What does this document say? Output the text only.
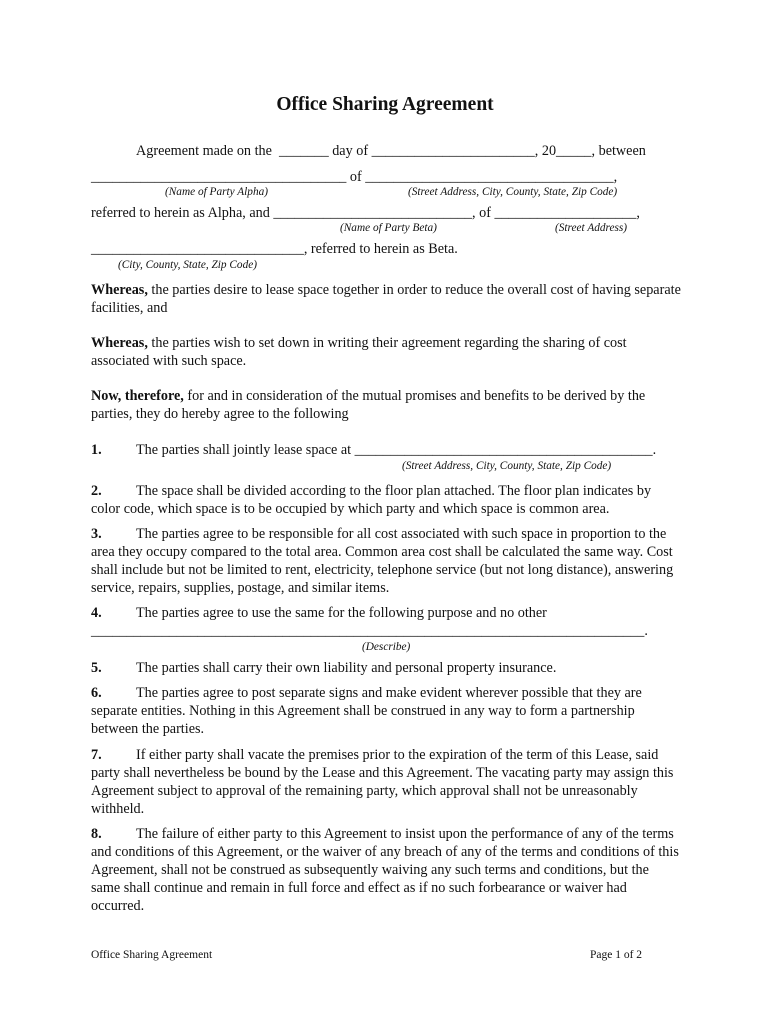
Office Sharing Agreement
Agreement made on the  _______ day of _______________________, 20_____, between
____________________________________ of ___________________________________,
(Name of Party Alpha)	(Street Address, City, County, State, Zip Code)
referred to herein as Alpha, and ____________________________, of ____________________,
(Name of Party Beta)	(Street Address)
______________________________, referred to herein as Beta.
(City, County, State, Zip Code)

Whereas, the parties desire to lease space together in order to reduce the overall cost of having separate facilities, and

Whereas, the parties wish to set down in writing their agreement regarding the sharing of cost associated with such space.

Now, therefore, for and in consideration of the mutual promises and benefits to be derived by the parties, they do hereby agree to the following

1. The parties shall jointly lease space at __________________________________________.

(Street Address, City, County, State, Zip Code)

2. The space shall be divided according to the floor plan attached. The floor plan indicates by color code, which space is to be occupied by which party and which space is common area.

3. The parties agree to be responsible for all cost associated with such space in proportion to the area they occupy compared to the total area. Common area cost shall be calculated the same way. Cost shall include but not be limited to rent, electricity, telephone service (but not long distance), answering service, repairs, supplies, postage, and similar items.

4. The parties agree to use the same for the following purpose and no other

______________________________________________________________________________.
(Describe)

5. The parties shall carry their own liability and personal property insurance.

6. The parties agree to post separate signs and make evident wherever possible that they are separate entities. Nothing in this Agreement shall be construed in any way to form a partnership between the parties.

7. If either party shall vacate the premises prior to the expiration of the term of this Lease, said party shall nevertheless be bound by the Lease and this Agreement. The vacating party may assign this Agreement subject to approval of the remaining party, which approval shall not be unreasonably withheld.

8. The failure of either party to this Agreement to insist upon the performance of any of the terms and conditions of this Agreement, or the waiver of any breach of any of the terms and conditions of this Agreement, shall not be construed as subsequently waiving any such terms and conditions, but the same shall continue and remain in full force and effect as if no such forbearance or waiver had occurred.

Office Sharing Agreement	Page 1 of 2
